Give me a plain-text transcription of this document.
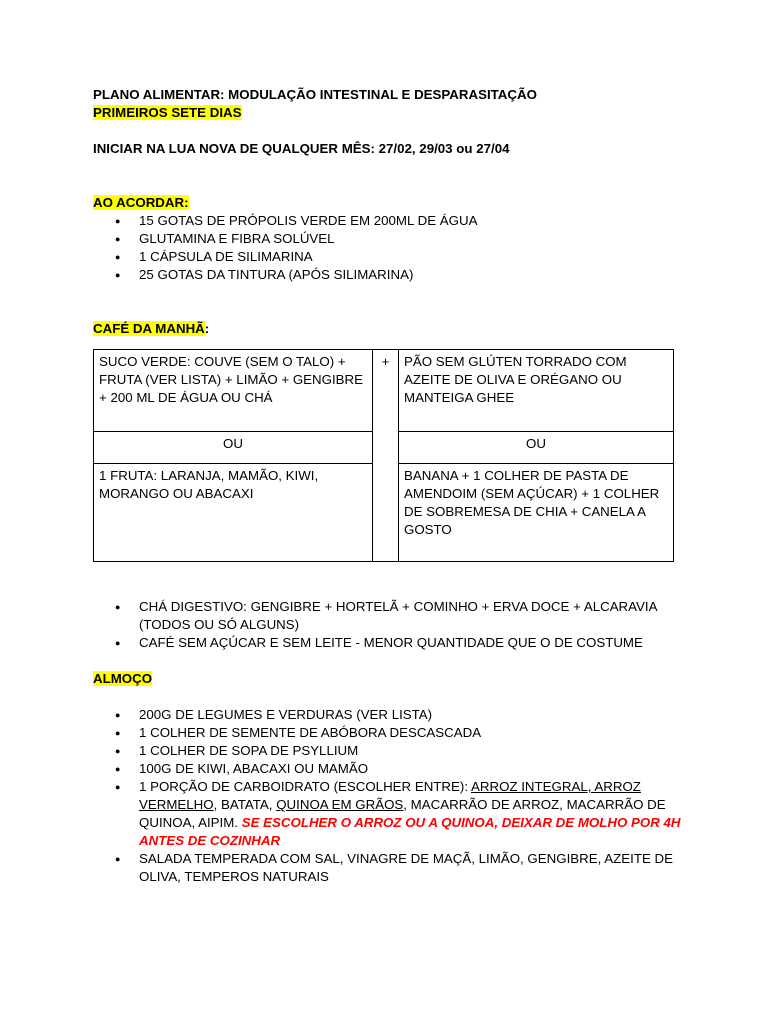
PLANO ALIMENTAR: MODULAÇÃO INTESTINAL E DESPARASITAÇÃO
PRIMEIROS SETE DIAS
INICIAR NA LUA NOVA DE QUALQUER MÊS: 27/02, 29/03 ou 27/04
AO ACORDAR:
● 15 GOTAS DE PRÓPOLIS VERDE EM 200ML DE ÁGUA
● GLUTAMINA E FIBRA SOLÚVEL
● 1 CÁPSULA DE SILIMARINA
● 25 GOTAS DA TINTURA (APÓS SILIMARINA)
CAFÉ DA MANHÃ:
SUCO VERDE: COUVE (SEM O TALO) + FRUTA (VER LISTA) + LIMÃO + GENGIBRE + 200 ML DE ÁGUA OU CHÁ	+	PÃO SEM GLÚTEN TORRADO COM AZEITE DE OLIVA E ORÉGANO OU MANTEIGA GHEE
OU		OU
1 FRUTA: LARANJA, MAMÃO, KIWI, MORANGO OU ABACAXI		BANANA + 1 COLHER DE PASTA DE AMENDOIM (SEM AÇÚCAR) + 1 COLHER DE SOBREMESA DE CHIA + CANELA A GOSTO
● CHÁ DIGESTIVO: GENGIBRE + HORTELÃ + COMINHO + ERVA DOCE + ALCARAVIA (TODOS OU SÓ ALGUNS)
● CAFÉ SEM AÇÚCAR E SEM LEITE - MENOR QUANTIDADE QUE O DE COSTUME
ALMOÇO
● 200G DE LEGUMES E VERDURAS (VER LISTA)
● 1 COLHER DE SEMENTE DE ABÓBORA DESCASCADA
● 1 COLHER DE SOPA DE PSYLLIUM
● 100G DE KIWI, ABACAXI OU MAMÃO
● 1 PORÇÃO DE CARBOIDRATO (ESCOLHER ENTRE): ARROZ INTEGRAL, ARROZ VERMELHO, BATATA, QUINOA EM GRÃOS, MACARRÃO DE ARROZ, MACARRÃO DE QUINOA, AIPIM. SE ESCOLHER O ARROZ OU A QUINOA, DEIXAR DE MOLHO POR 4H ANTES DE COZINHAR
● SALADA TEMPERADA COM SAL, VINAGRE DE MAÇÃ, LIMÃO, GENGIBRE, AZEITE DE OLIVA, TEMPEROS NATURAIS
